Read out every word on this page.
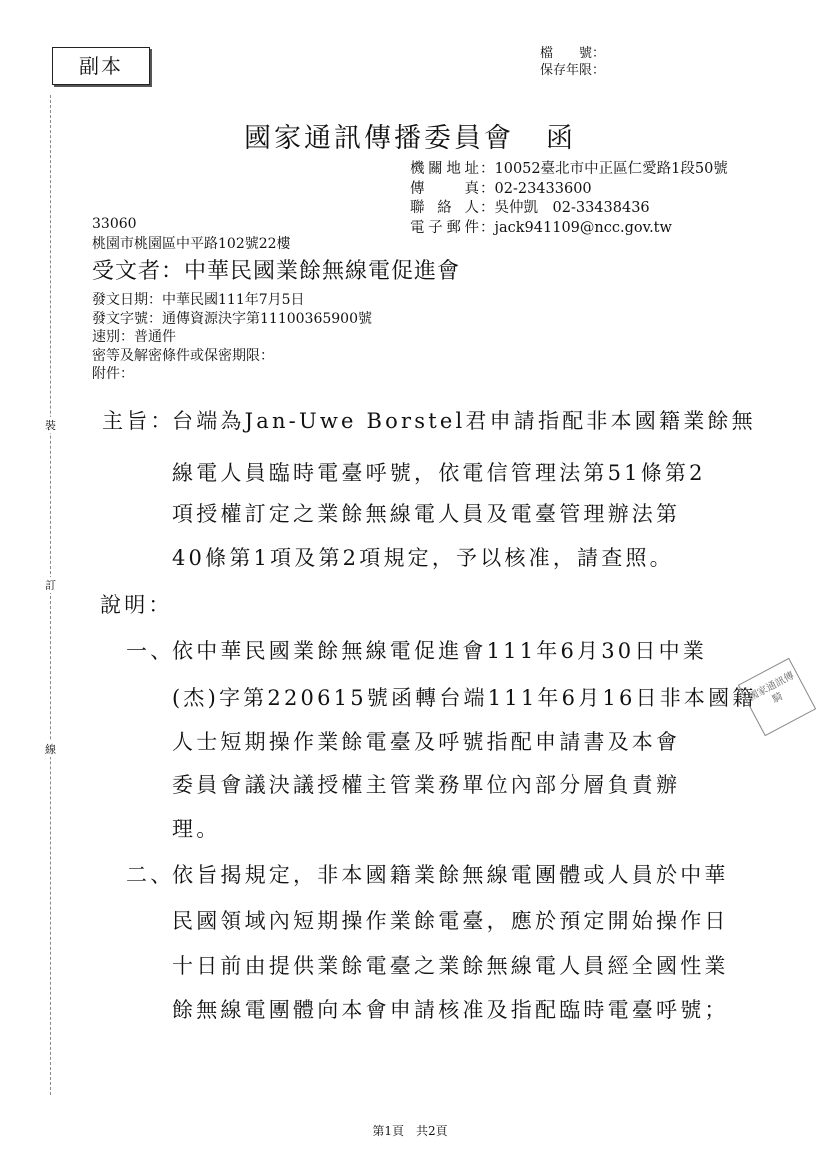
副本
檔　　號：
保存年限：
裝
訂
線
國家通訊傳播委員會 函
機關地址：10052臺北市中正區仁愛路1段50號
傳真：02-23433600
聯絡人：吳仲凱　02-33438436
電子郵件：jack941109@ncc.gov.tw
33060
桃園市桃園區中平路102號22樓
受文者：中華民國業餘無線電促進會
發文日期：中華民國111年7月5日
發文字號：通傳資源決字第11100365900號
速別：普通件
密等及解密條件或保密期限：
附件：
主旨：
台端為Jan-Uwe Borstel君申請指配非本國籍業餘無
線電人員臨時電臺呼號，依電信管理法第51條第2
項授權訂定之業餘無線電人員及電臺管理辦法第
40條第1項及第2項規定，予以核准，請查照。
說明：
一、
依中華民國業餘無線電促進會111年6月30日中業
(杰)字第220615號函轉台端111年6月16日非本國籍
人士短期操作業餘電臺及呼號指配申請書及本會
委員會議決議授權主管業務單位內部分層負責辦
理。
二、
依旨揭規定，非本國籍業餘無線電團體或人員於中華
民國領域內短期操作業餘電臺，應於預定開始操作日
十日前由提供業餘電臺之業餘無線電人員經全國性業
餘無線電團體向本會申請核准及指配臨時電臺呼號；
國家通訊傳騎
第1頁　共2頁
